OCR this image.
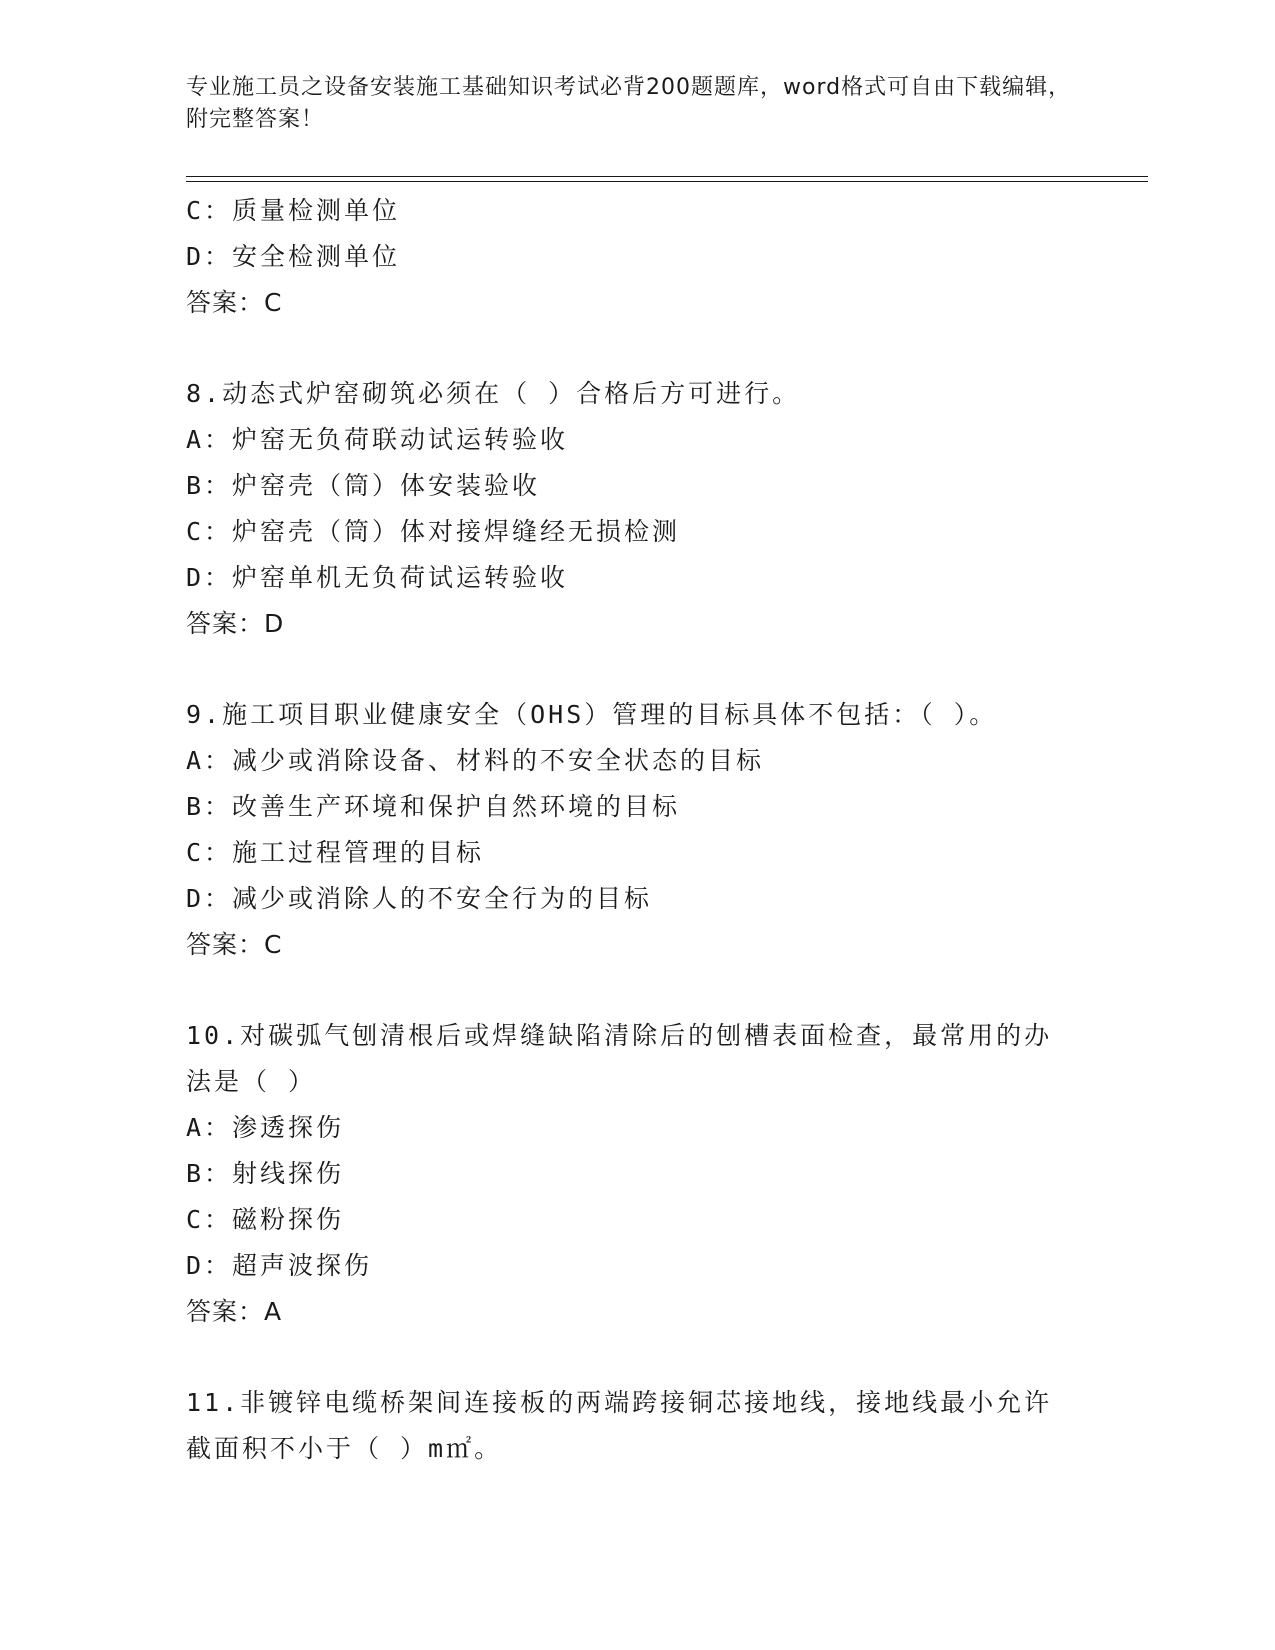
专业施工员之设备安装施工基础知识考试必背200题题库，word格式可自由下载编辑，附完整答案！
C：质量检测单位
D：安全检测单位
答案：C
8.动态式炉窑砌筑必须在（ ）合格后方可进行。
A：炉窑无负荷联动试运转验收
B：炉窑壳（筒）体安装验收
C：炉窑壳（筒）体对接焊缝经无损检测
D：炉窑单机无负荷试运转验收
答案：D
9.施工项目职业健康安全（OHS）管理的目标具体不包括：（ ）。
A：减少或消除设备、材料的不安全状态的目标
B：改善生产环境和保护自然环境的目标
C：施工过程管理的目标
D：减少或消除人的不安全行为的目标
答案：C
10.对碳弧气刨清根后或焊缝缺陷清除后的刨槽表面检查，最常用的办
法是（ ）
A：渗透探伤
B：射线探伤
C：磁粉探伤
D：超声波探伤
答案：A
11.非镀锌电缆桥架间连接板的两端跨接铜芯接地线，接地线最小允许
截面积不小于（ ）m㎡。
